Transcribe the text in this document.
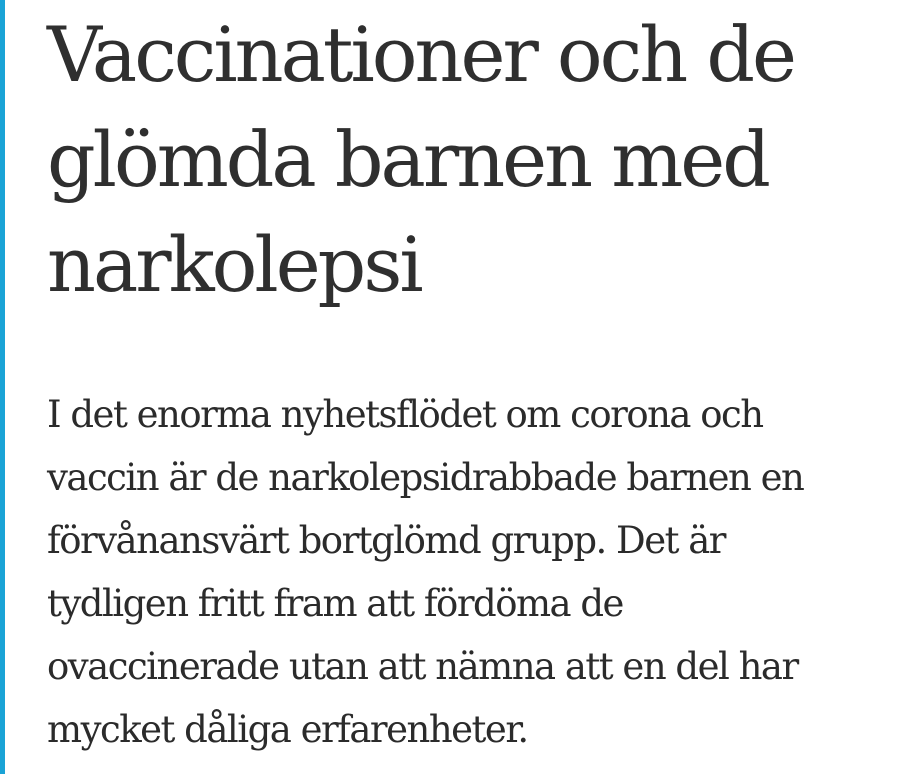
Vaccinationer och de
glömda barnen med
narkolepsi

I det enorma nyhetsflödet om corona och
vaccin är de narkolepsidrabbade barnen en
förvånansvärt bortglömd grupp. Det är
tydligen fritt fram att fördöma de
ovaccinerade utan att nämna att en del har
mycket dåliga erfarenheter.
